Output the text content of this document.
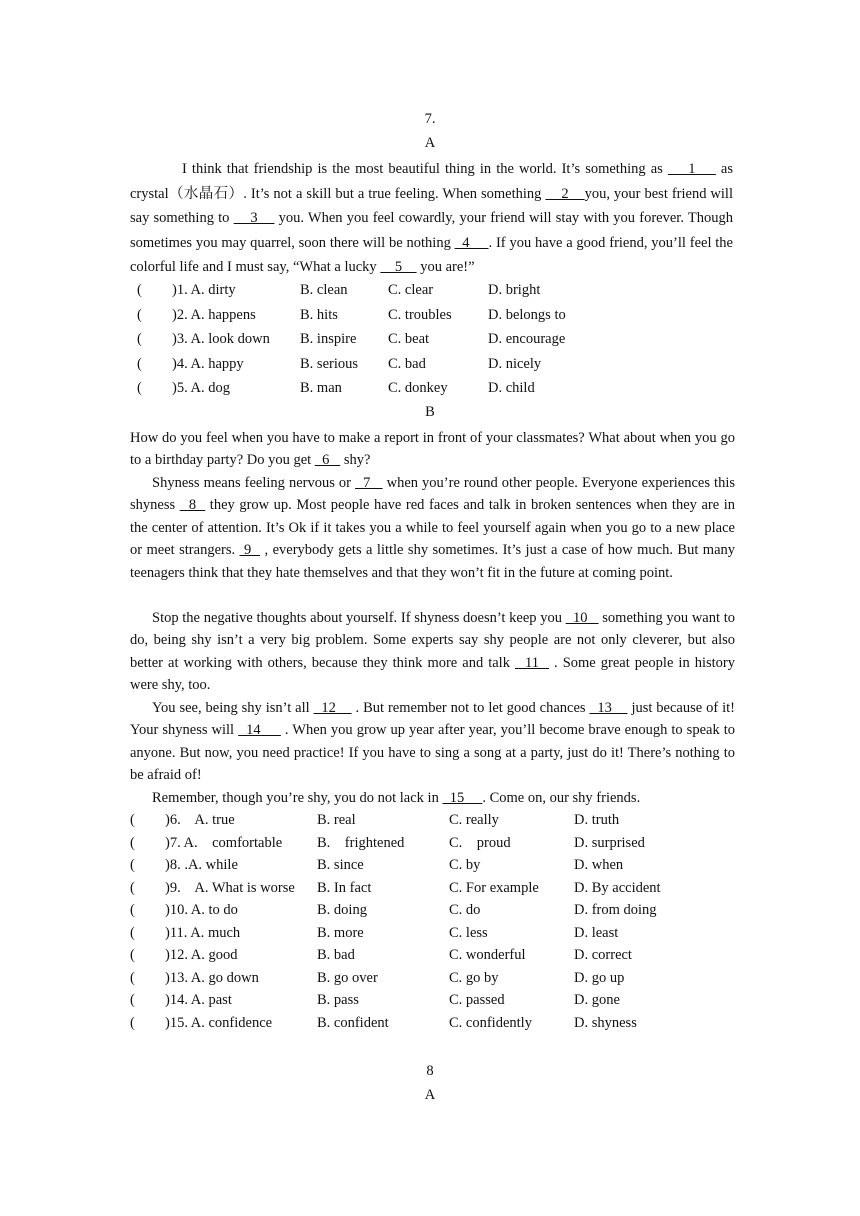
7.
A
I think that friendship is the most beautiful thing in the world. It’s something as     1     as crystal（水晶石）. It’s not a skill but a true feeling. When something     2    you, your best friend will say something to     3     you. When you feel cowardly, your friend will stay with you forever. Though sometimes you may quarrel, soon there will be nothing   4     . If you have a good friend, you’ll feel the colorful life and I must say, “What a lucky     5     you are!”
( )1. A. dirty	B. clean	C. clear	D. bright
( )2. A. happens	B. hits	C. troubles	D. belongs to
( )3. A. look down B. inspire C. beat	D. encourage
( )4. A. happy	B. serious C. bad	D. nicely
( )5. A. dog	B. man	C. donkey	D. child
B
How do you feel when you have to make a report in front of your classmates? What about when you go to a birthday party? Do you get   6    shy?
Shyness means feeling nervous or   7    when you’re round other people. Everyone experiences this shyness   8   they grow up. Most people have red faces and talk in broken sentences when they are in the center of attention. It’s Ok if it takes you a while to feel yourself again when you go to a new place or meet strangers.  9   , everybody gets a little shy sometimes. It’s just a case of how much. But many teenagers think that they hate themselves and that they won’t fit in the future at coming point.
Stop the negative thoughts about yourself. If shyness doesn’t keep you   10    something you want to do, being shy isn’t a very big problem. Some experts say shy people are not only cleverer, but also better at working with others, because they think more and talk   11   . Some great people in history were shy, too.
You see, being shy isn’t all   12     . But remember not to let good chances   13     just because of it! Your shyness will   14      . When you grow up year after year, you’ll become brave enough to speak to anyone. But now, you need practice! If you have to sing a song at a party, just do it! There’s nothing to be afraid of!
Remember, though you’re shy, you do not lack in   15     . Come on, our shy friends.
( )6.    A. true	B. real	C. really	D. truth
( )7. A.    comfortable B.    frightened	C.    proud	D. surprised
( )8. .A. while	B. since	C. by	D. when
( )9.    A. What is worse B. In fact	C. For example D. By accident
( )10. A. to do	B. doing	C. do	D. from doing
( )11. A. much	B. more	C. less	D. least
( )12. A. good	B. bad	C. wonderful	D. correct
( )13. A. go down	B. go over	C. go by	D. go up
( )14. A. past	B. pass	C. passed	D. gone
( )15. A. confidence	B. confident	C. confidently	D. shyness
8
A
